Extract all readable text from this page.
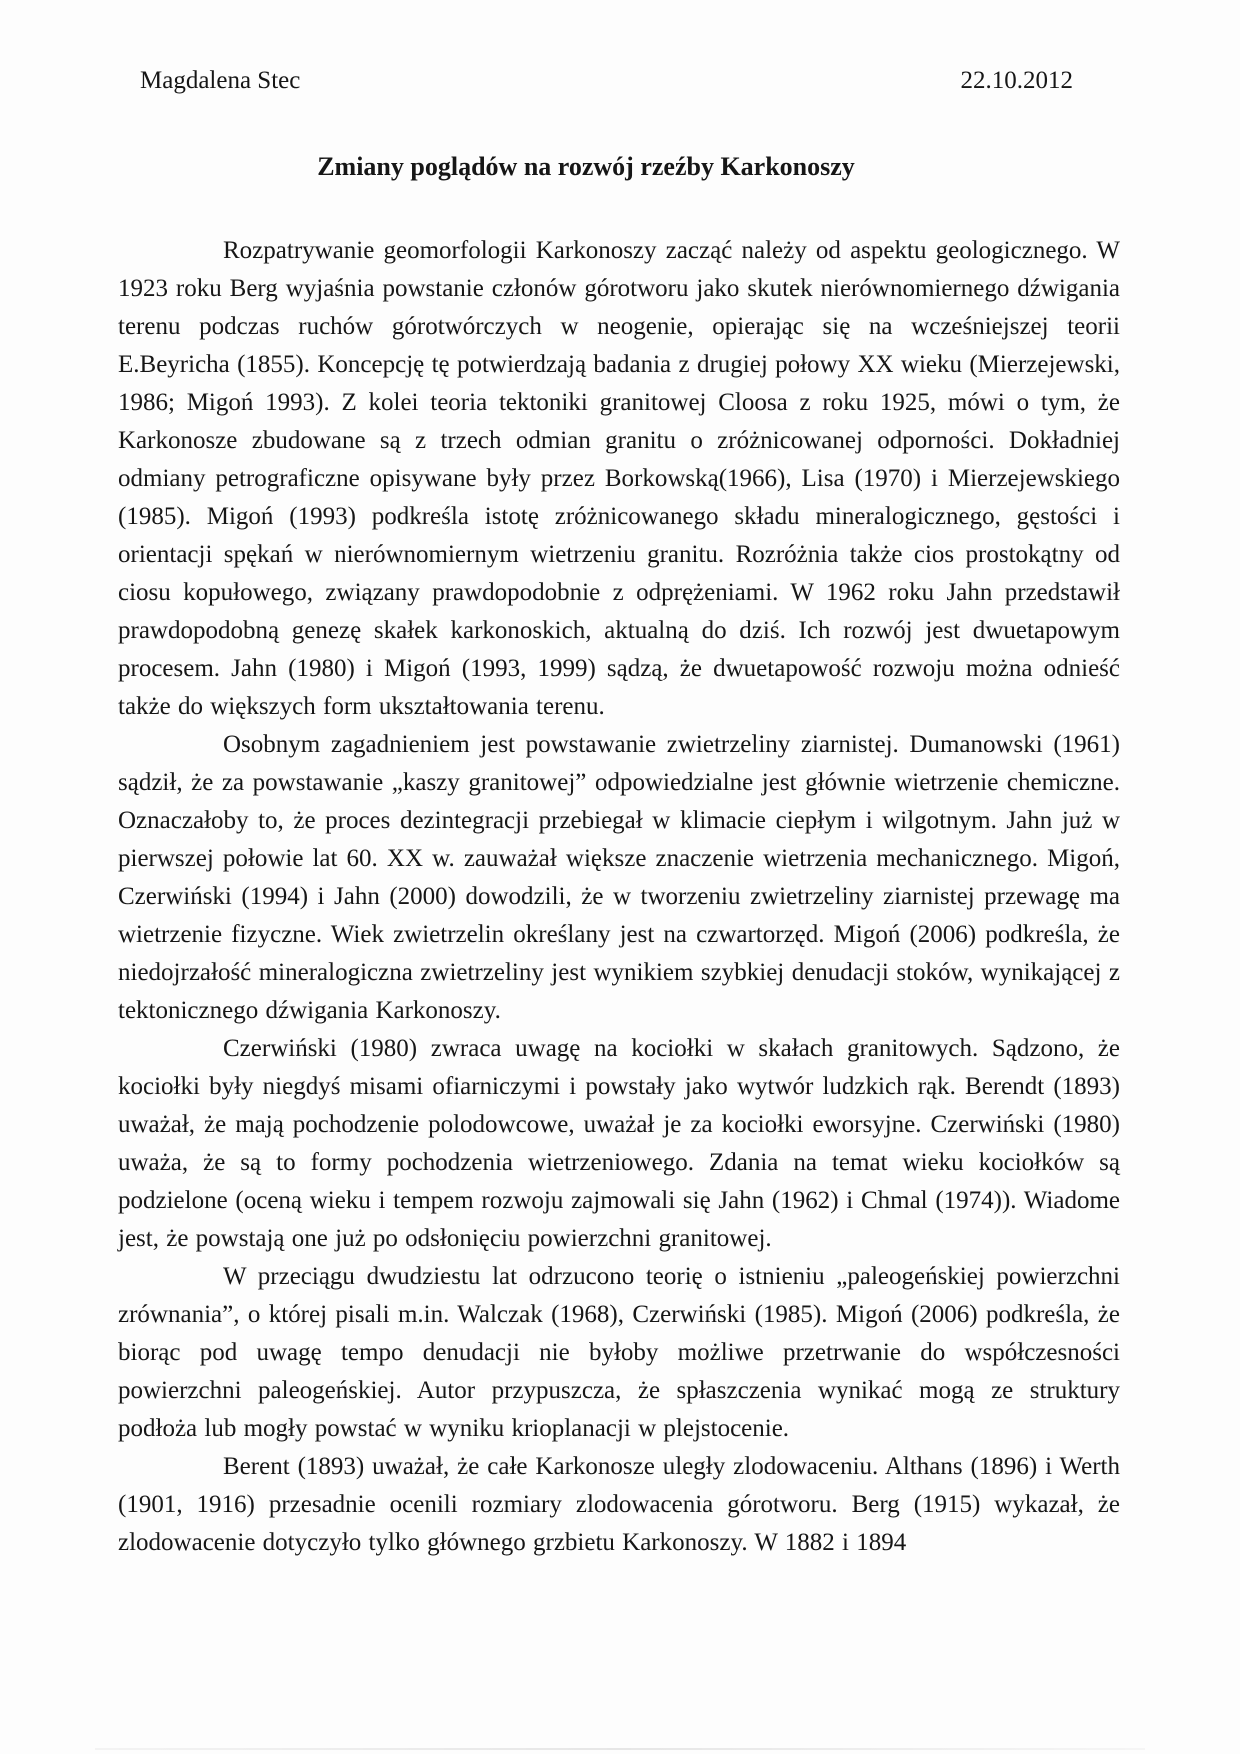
Magdalena Stec	22.10.2012
Zmiany poglądów na rozwój rzeźby Karkonoszy

Rozpatrywanie geomorfologii Karkonoszy zacząć należy od aspektu geologicznego. W 1923 roku Berg wyjaśnia powstanie członów górotworu jako skutek nierównomiernego dźwigania terenu podczas ruchów górotwórczych w neogenie, opierając się na wcześniejszej teorii E.Beyricha (1855). Koncepcję tę potwierdzają badania z drugiej połowy XX wieku (Mierzejewski, 1986; Migoń 1993). Z kolei teoria tektoniki granitowej Cloosa z roku 1925, mówi o tym, że Karkonosze zbudowane są z trzech odmian granitu o zróżnicowanej odporności. Dokładniej odmiany petrograficzne opisywane były przez Borkowską(1966), Lisa (1970) i Mierzejewskiego (1985). Migoń (1993) podkreśla istotę zróżnicowanego składu mineralogicznego, gęstości i orientacji spękań w nierównomiernym wietrzeniu granitu. Rozróżnia także cios prostokątny od ciosu kopułowego, związany prawdopodobnie z odprężeniami. W 1962 roku Jahn przedstawił prawdopodobną genezę skałek karkonoskich, aktualną do dziś. Ich rozwój jest dwuetapowym procesem. Jahn (1980) i Migoń (1993, 1999) sądzą, że dwuetapowość rozwoju można odnieść także do większych form ukształtowania terenu.

Osobnym zagadnieniem jest powstawanie zwietrzeliny ziarnistej. Dumanowski (1961) sądził, że za powstawanie „kaszy granitowej” odpowiedzialne jest głównie wietrzenie chemiczne. Oznaczałoby to, że proces dezintegracji przebiegał w klimacie ciepłym i wilgotnym. Jahn już w pierwszej połowie lat 60. XX w. zauważał większe znaczenie wietrzenia mechanicznego. Migoń, Czerwiński (1994) i Jahn (2000) dowodzili, że w tworzeniu zwietrzeliny ziarnistej przewagę ma wietrzenie fizyczne. Wiek zwietrzelin określany jest na czwartorzęd. Migoń (2006) podkreśla, że niedojrzałość mineralogiczna zwietrzeliny jest wynikiem szybkiej denudacji stoków, wynikającej z tektonicznego dźwigania Karkonoszy.

Czerwiński (1980) zwraca uwagę na kociołki w skałach granitowych. Sądzono, że kociołki były niegdyś misami ofiarniczymi i powstały jako wytwór ludzkich rąk. Berendt (1893) uważał, że mają pochodzenie polodowcowe, uważał je za kociołki eworsyjne. Czerwiński (1980) uważa, że są to formy pochodzenia wietrzeniowego. Zdania na temat wieku kociołków są podzielone (oceną wieku i tempem rozwoju zajmowali się Jahn (1962) i Chmal (1974)). Wiadome jest, że powstają one już po odsłonięciu powierzchni granitowej.

W przeciągu dwudziestu lat odrzucono teorię o istnieniu „paleogeńskiej powierzchni zrównania”, o której pisali m.in. Walczak (1968), Czerwiński (1985). Migoń (2006) podkreśla, że biorąc pod uwagę tempo denudacji nie byłoby możliwe przetrwanie do współczesności powierzchni paleogeńskiej. Autor przypuszcza, że spłaszczenia wynikać mogą ze struktury podłoża lub mogły powstać w wyniku krioplanacji w plejstocenie.

Berent (1893) uważał, że całe Karkonosze uległy zlodowaceniu. Althans (1896) i Werth (1901, 1916) przesadnie ocenili rozmiary zlodowacenia górotworu. Berg (1915) wykazał, że zlodowacenie dotyczyło tylko głównego grzbietu Karkonoszy. W 1882 i 1894
